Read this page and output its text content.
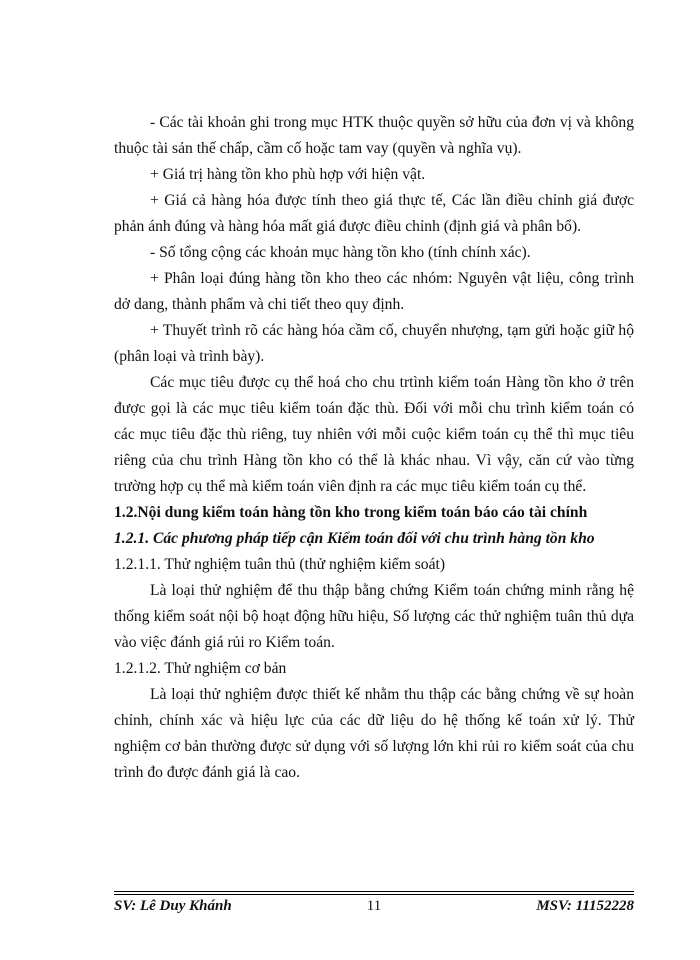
- Các tài khoản ghi trong mục HTK thuộc quyền sở hữu của đơn vị và không thuộc tài sản thế chấp, cầm cố hoặc tam vay (quyền và nghĩa vụ).

+ Giá trị hàng tồn kho phù hợp với hiện vật.

+ Giá cả hàng hóa được tính theo giá thực tế, Các lần điều chỉnh giá được phản ánh đúng và hàng hóa mất giá được điều chỉnh (định giá và phân bổ).

- Số tổng cộng các khoản mục hàng tồn kho (tính chính xác).

+ Phân loại đúng hàng tồn kho theo các nhóm: Nguyên vật liệu, công trình dở dang, thành phẩm và chi tiết theo quy định.

+ Thuyết trình rõ các hàng hóa cầm cố, chuyển nhượng, tạm gửi hoặc giữ hộ (phân loại và trình bày).

Các mục tiêu được cụ thể hoá cho chu trtình kiểm toán Hàng tồn kho ở trên được gọi là các mục tiêu kiểm toán đặc thù. Đối với mỗi chu trình kiểm toán có các mục tiêu đặc thù riêng, tuy nhiên với mỗi cuộc kiểm toán cụ thể thì mục tiêu riêng của chu trình Hàng tồn kho có thể là khác nhau. Vì vậy, căn cứ vào từng trường hợp cụ thể mà kiểm toán viên định ra các mục tiêu kiểm toán cụ thể.

1.2.Nội dung kiểm toán hàng tồn kho trong kiểm toán báo cáo tài chính

1.2.1. Các phương pháp tiếp cận Kiểm toán đối với chu trình hàng tồn kho

1.2.1.1. Thử nghiệm tuân thủ (thử nghiệm kiểm soát)

Là loại thử nghiệm để thu thập bằng chứng Kiểm toán chứng minh rằng hệ thống kiểm soát nội bộ hoạt động hữu hiệu, Số lượng các thử nghiệm tuân thủ dựa vào việc đánh giá rủi ro Kiểm toán.

1.2.1.2. Thử nghiệm cơ bản

Là loại thử nghiệm được thiết kế nhằm thu thập các bằng chứng về sự hoàn chỉnh, chính xác và hiệu lực của các dữ liệu do hệ thống kế toán xử lý. Thử nghiệm cơ bản thường được sử dụng với số lượng lớn khi rủi ro kiểm soát của chu trình đo được đánh giá là cao.

SV: Lê Duy Khánh	11	MSV: 11152228
